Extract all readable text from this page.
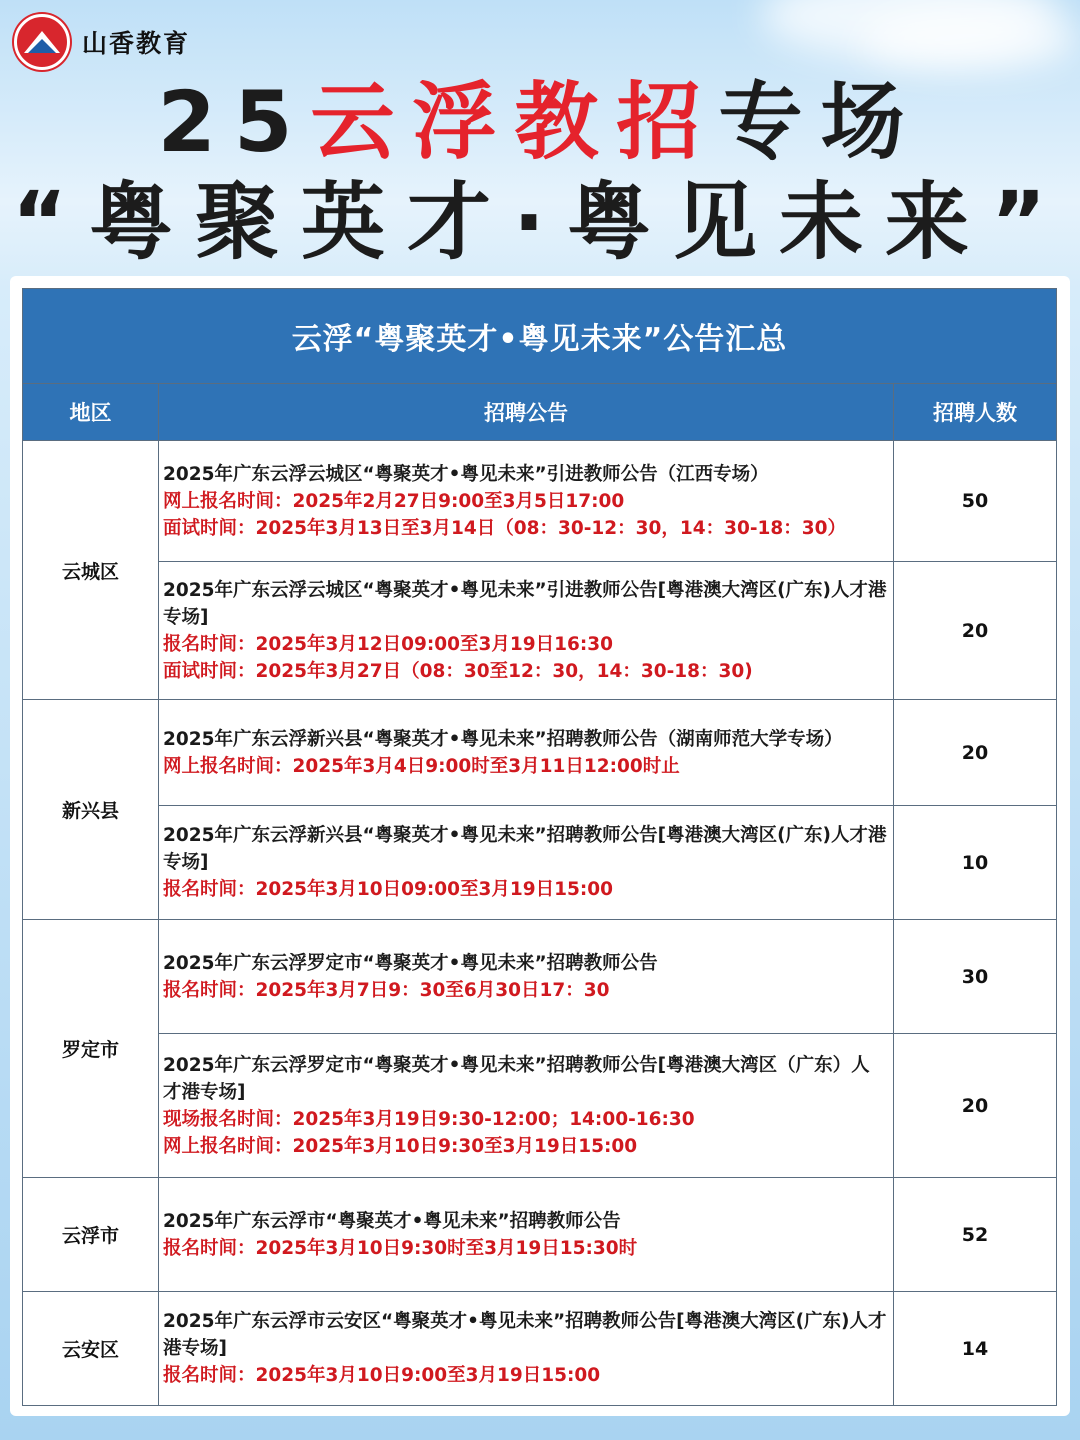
山香教育
25云浮教招专场
“粤聚英才·粤见未来”
云浮“粤聚英才•粤见未来”公告汇总		
地区	招聘公告	招聘人数
云城区	2025年广东云浮云城区“粤聚英才•粤见未来”引进教师公告（江西专场）
网上报名时间：2025年2月27日9:00至3月5日17:00
面试时间：2025年3月13日至3月14日（08：30-12：30，14：30-18：30）	50

	2025年广东云浮云城区“粤聚英才•粤见未来”引进教师公告[粤港澳大湾区(广东)人才港专场]
报名时间：2025年3月12日09:00至3月19日16:30
面试时间：2025年3月27日（08：30至12：30，14：30-18：30)	20
新兴县	2025年广东云浮新兴县“粤聚英才•粤见未来”招聘教师公告（湖南师范大学专场）
网上报名时间：2025年3月4日9:00时至3月11日12:00时止	20

	2025年广东云浮新兴县“粤聚英才•粤见未来”招聘教师公告[粤港澳大湾区(广东)人才港专场]
报名时间：2025年3月10日09:00至3月19日15:00	10
罗定市	2025年广东云浮罗定市“粤聚英才•粤见未来”招聘教师公告
报名时间：2025年3月7日9：30至6月30日17：30	30

	2025年广东云浮罗定市“粤聚英才•粤见未来”招聘教师公告[粤港澳大湾区（广东）人才港专场]
现场报名时间：2025年3月19日9:30-12:00；14:00-16:30
网上报名时间：2025年3月10日9:30至3月19日15:00	20
云浮市	2025年广东云浮市“粤聚英才•粤见未来”招聘教师公告
报名时间：2025年3月10日9:30时至3月19日15:30时	52
云安区	2025年广东云浮市云安区“粤聚英才•粤见未来”招聘教师公告[粤港澳大湾区(广东)人才港专场]
报名时间：2025年3月10日9:00至3月19日15:00	14
